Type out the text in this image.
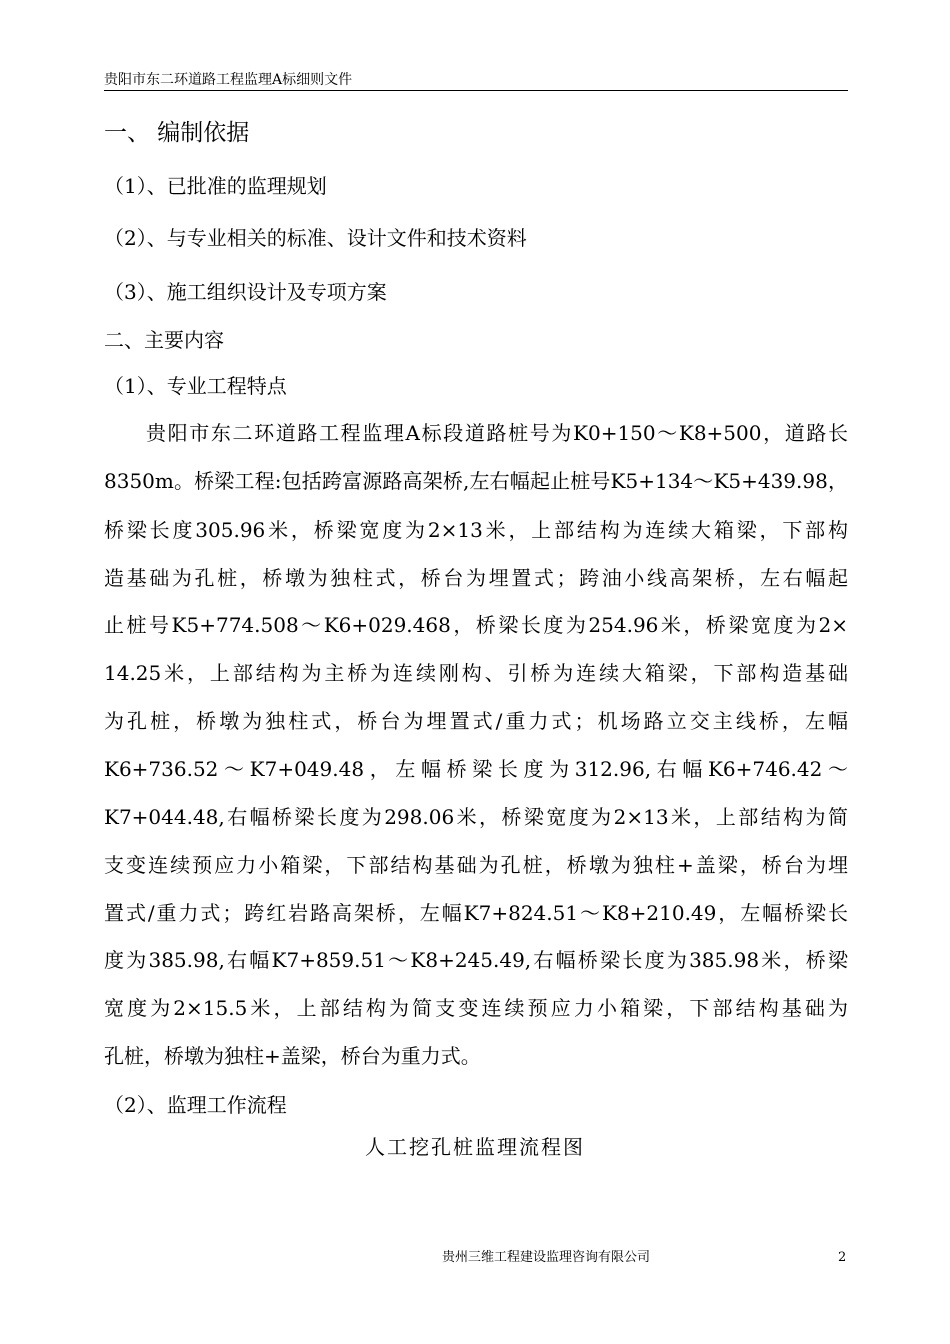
贵阳市东二环道路工程监理A标细则文件
一、 编制依据
（1）、已批准的监理规划
（2）、与专业相关的标准、设计文件和技术资料
（3）、施工组织设计及专项方案
二、主要内容
（1）、专业工程特点
贵阳市东二环道路工程监理A标段道路桩号为K0+150～K8+500，道路长
8350m。桥梁工程:包括跨富源路高架桥,左右幅起止桩号K5+134～K5+439.98，
桥梁长度305.96米，桥梁宽度为2×13米，上部结构为连续大箱梁，下部构
造基础为孔桩，桥墩为独柱式，桥台为埋置式；跨油小线高架桥，左右幅起
止桩号K5+774.508～K6+029.468，桥梁长度为254.96米，桥梁宽度为2×
14.25米，上部结构为主桥为连续刚构、引桥为连续大箱梁，下部构造基础
为孔桩，桥墩为独柱式，桥台为埋置式/重力式；机场路立交主线桥，左幅
K6+736.52～K7+049.48，左幅桥梁长度为312.96,右幅K6+746.42～
K7+044.48,右幅桥梁长度为298.06米，桥梁宽度为2×13米，上部结构为简
支变连续预应力小箱梁，下部结构基础为孔桩，桥墩为独柱+盖梁，桥台为埋
置式/重力式；跨红岩路高架桥，左幅K7+824.51～K8+210.49，左幅桥梁长
度为385.98,右幅K7+859.51～K8+245.49,右幅桥梁长度为385.98米，桥梁
宽度为2×15.5米，上部结构为简支变连续预应力小箱梁，下部结构基础为
孔桩，桥墩为独柱+盖梁，桥台为重力式。
（2）、监理工作流程
人工挖孔桩监理流程图
贵州三维工程建设监理咨询有限公司	2
